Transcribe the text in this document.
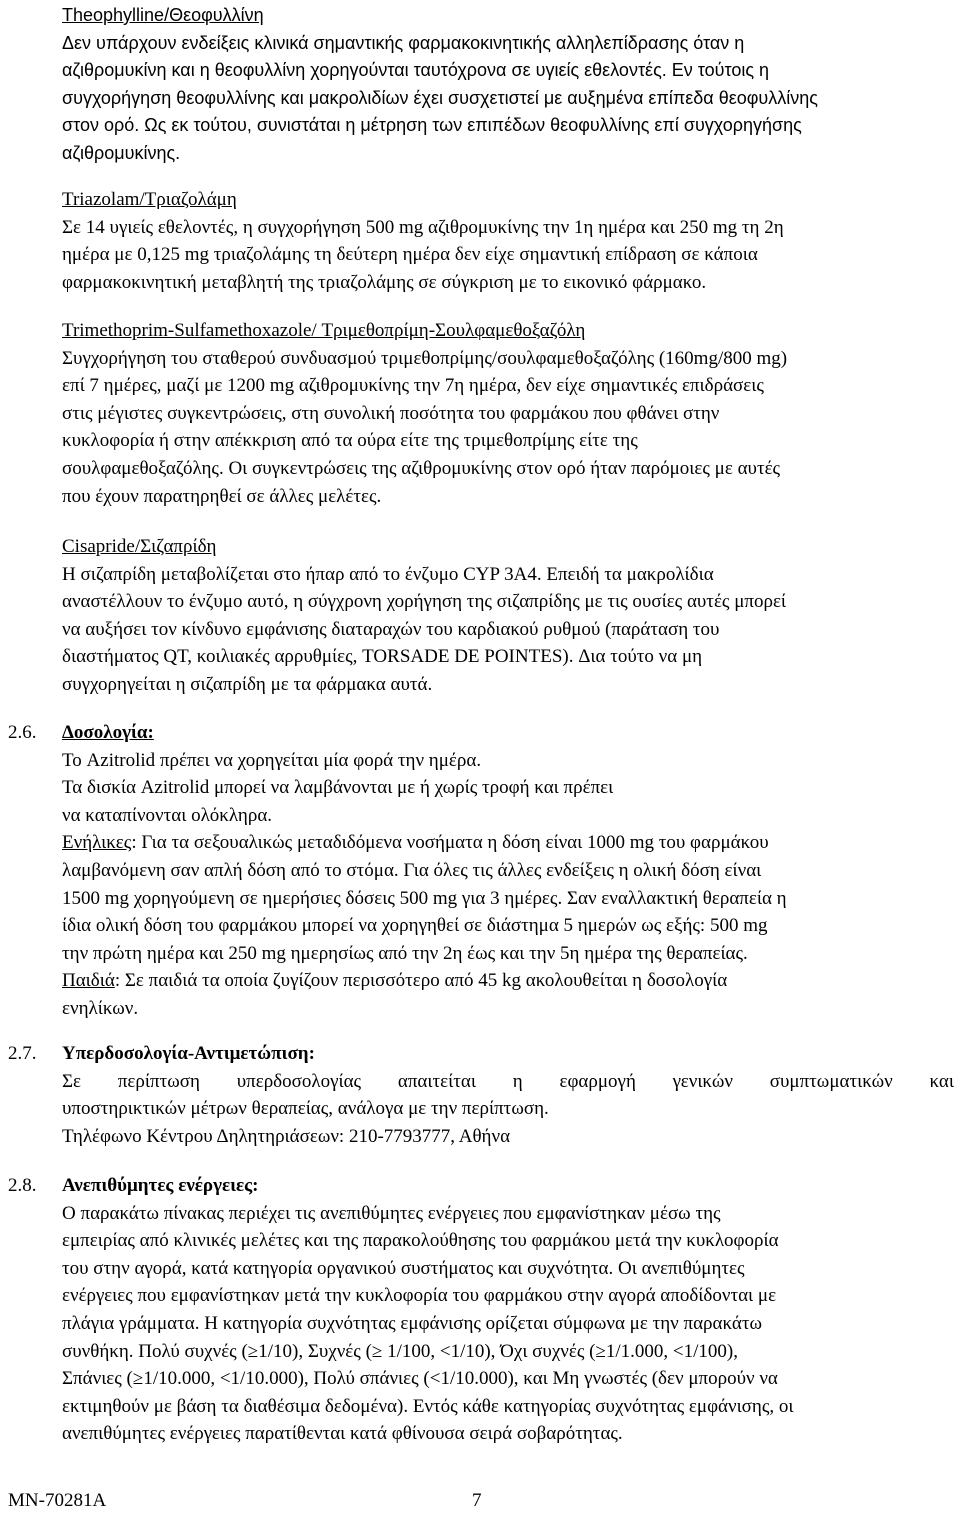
Theophylline/Θεοφυλλίνη

Δεν υπάρχουν ενδείξεις κλινικά σημαντικής φαρμακοκινητικής αλληλεπίδρασης όταν η

αζιθρομυκίνη και η θεοφυλλίνη χορηγούνται ταυτόχρονα σε υγιείς εθελοντές. Εν τούτοις η

συγχορήγηση θεοφυλλίνης και μακρολιδίων έχει συσχετιστεί με αυξημένα επίπεδα θεοφυλλίνης

στον ορό. Ως εκ τούτου, συνιστάται η μέτρηση των επιπέδων θεοφυλλίνης επί συγχορηγήσης

αζιθρομυκίνης.

Triazolam/Τριαζολάμη

Σε 14 υγιείς εθελοντές, η συγχορήγηση 500 mg αζιθρομυκίνης την 1η ημέρα και 250 mg τη 2η

ημέρα με 0,125 mg τριαζολάμης τη δεύτερη ημέρα δεν είχε σημαντική επίδραση σε κάποια

φαρμακοκινητική μεταβλητή της τριαζολάμης σε σύγκριση με το εικονικό φάρμακο.

Trimethoprim-Sulfamethoxazole/ Τριμεθοπρίμη-Σουλφαμεθοξαζόλη

Συγχορήγηση του σταθερού συνδυασμού τριμεθοπρίμης/σουλφαμεθοξαζόλης (160mg/800 mg)

επί 7 ημέρες, μαζί με 1200 mg αζιθρομυκίνης την 7η ημέρα, δεν είχε σημαντικές επιδράσεις

στις μέγιστες συγκεντρώσεις, στη συνολική ποσότητα του φαρμάκου που φθάνει στην

κυκλοφορία ή στην απέκκριση από τα ούρα είτε της τριμεθοπρίμης είτε της

σουλφαμεθοξαζόλης. Οι συγκεντρώσεις της αζιθρομυκίνης στον ορό ήταν παρόμοιες με αυτές

που έχουν παρατηρηθεί σε άλλες μελέτες.

Cisapride/Σιζαπρίδη

Η σιζαπρίδη μεταβολίζεται στο ήπαρ από το ένζυμο CYP 3A4. Επειδή τα μακρολίδια

αναστέλλουν το ένζυμο αυτό, η σύγχρονη χορήγηση της σιζαπρίδης με τις ουσίες αυτές μπορεί

να αυξήσει τον κίνδυνο εμφάνισης διαταραχών του καρδιακού ρυθμού (παράταση του

διαστήματος QT, κοιλιακές αρρυθμίες, TORSADE DE POINTES). Δια τούτο να μη

συγχορηγείται η σιζαπρίδη με τα φάρμακα αυτά.

2.6. Δοσολογία:

Το Azitrolid πρέπει να χορηγείται μία φορά την ημέρα.

Τα δισκία Azitrolid μπορεί να λαμβάνονται με ή χωρίς τροφή και πρέπει

να καταπίνονται ολόκληρα.

Ενήλικες: Για τα σεξουαλικώς μεταδιδόμενα νοσήματα η δόση είναι 1000 mg του φαρμάκου

λαμβανόμενη σαν απλή δόση από το στόμα. Για όλες τις άλλες ενδείξεις η ολική δόση είναι

1500 mg χορηγούμενη σε ημερήσιες δόσεις 500 mg για 3 ημέρες. Σαν εναλλακτική θεραπεία η

ίδια ολική δόση του φαρμάκου μπορεί να χορηγηθεί σε διάστημα 5 ημερών ως εξής: 500 mg

την πρώτη ημέρα και 250 mg ημερησίως από την 2η έως και την 5η ημέρα της θεραπείας.

Παιδιά: Σε παιδιά τα οποία ζυγίζουν περισσότερο από 45 kg ακολουθείται η δοσολογία

ενηλίκων.

2.7. Υπερδοσολογία-Αντιμετώπιση:

Σε περίπτωση υπερδοσολογίας απαιτείται η εφαρμογή γενικών συμπτωματικών και

υποστηρικτικών μέτρων θεραπείας, ανάλογα με την περίπτωση.

Τηλέφωνο Κέντρου Δηλητηριάσεων: 210-7793777, Αθήνα

2.8. Ανεπιθύμητες ενέργειες:

Ο παρακάτω πίνακας περιέχει τις ανεπιθύμητες ενέργειες που εμφανίστηκαν μέσω της

εμπειρίας από κλινικές μελέτες και της παρακολούθησης του φαρμάκου μετά την κυκλοφορία

του στην αγορά, κατά κατηγορία οργανικού συστήματος και συχνότητα. Οι ανεπιθύμητες

ενέργειες που εμφανίστηκαν μετά την κυκλοφορία του φαρμάκου στην αγορά αποδίδονται με

πλάγια γράμματα. Η κατηγορία συχνότητας εμφάνισης ορίζεται σύμφωνα με την παρακάτω

συνθήκη. Πολύ συχνές (≥1/10), Συχνές (≥ 1/100, <1/10), Όχι συχνές (≥1/1.000, <1/100),

Σπάνιες (≥1/10.000, <1/10.000), Πολύ σπάνιες (<1/10.000), και Μη γνωστές (δεν μπορούν να

εκτιμηθούν με βάση τα διαθέσιμα δεδομένα). Εντός κάθε κατηγορίας συχνότητας εμφάνισης, οι

ανεπιθύμητες ενέργειες παρατίθενται κατά φθίνουσα σειρά σοβαρότητας.

MN-70281A	7
